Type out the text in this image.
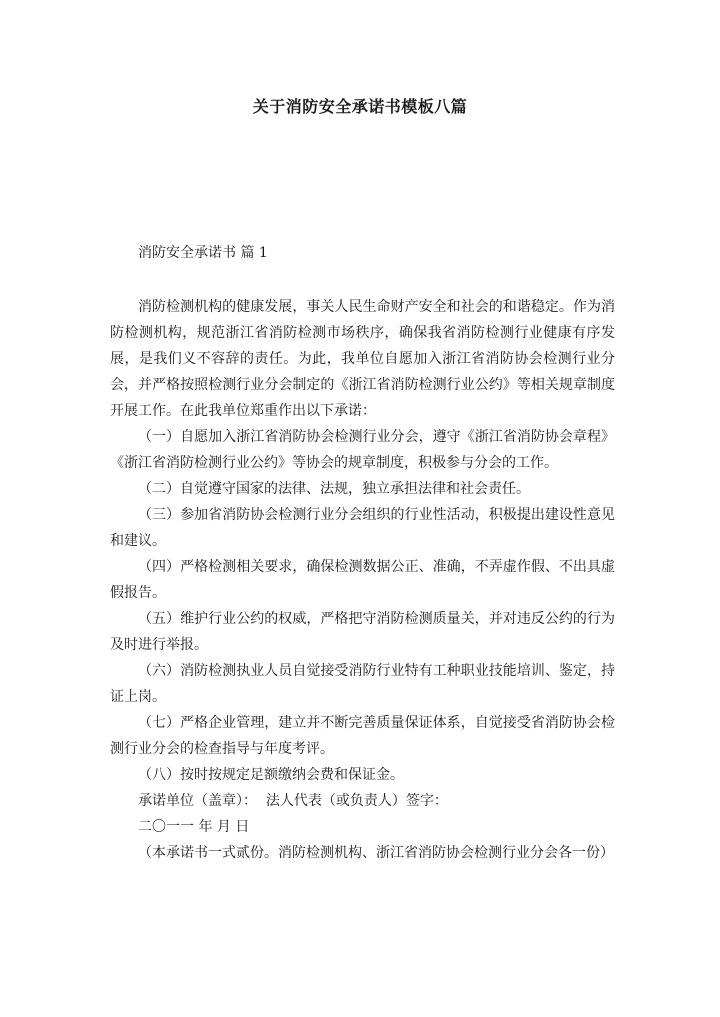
关于消防安全承诺书模板八篇
消防安全承诺书 篇 1

消防检测机构的健康发展，事关人民生命财产安全和社会的和谐稳定。作为消防检测机构，规范浙江省消防检测市场秩序，确保我省消防检测行业健康有序发展，是我们义不容辞的责任。为此，我单位自愿加入浙江省消防协会检测行业分会，并严格按照检测行业分会制定的《浙江省消防检测行业公约》等相关规章制度开展工作。在此我单位郑重作出以下承诺：

（一）自愿加入浙江省消防协会检测行业分会，遵守《浙江省消防协会章程》《浙江省消防检测行业公约》等协会的规章制度，积极参与分会的工作。

（二）自觉遵守国家的法律、法规，独立承担法律和社会责任。

（三）参加省消防协会检测行业分会组织的行业性活动，积极提出建设性意见和建议。

（四）严格检测相关要求，确保检测数据公正、准确，不弄虚作假、不出具虚假报告。

（五）维护行业公约的权威，严格把守消防检测质量关，并对违反公约的行为及时进行举报。

（六）消防检测执业人员自觉接受消防行业特有工种职业技能培训、鉴定，持证上岗。

（七）严格企业管理，建立并不断完善质量保证体系，自觉接受省消防协会检测行业分会的检查指导与年度考评。

（八）按时按规定足额缴纳会费和保证金。

承诺单位（盖章）：  法人代表（或负责人）签字：

二〇一一 年 月 日

（本承诺书一式贰份。消防检测机构、浙江省消防协会检测行业分会各一份）
